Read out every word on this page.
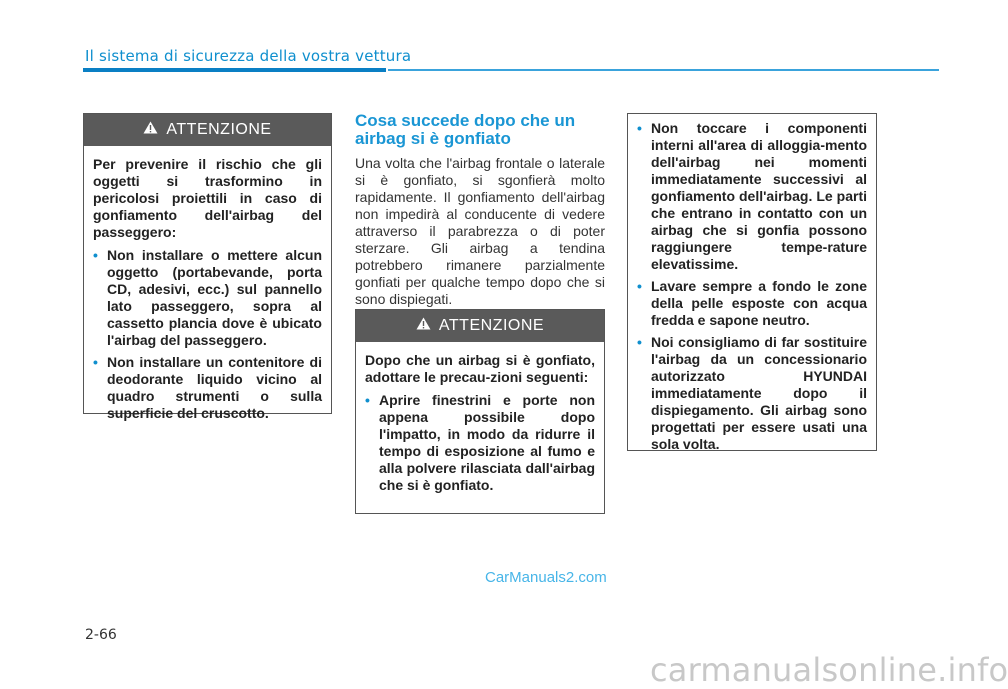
Il sistema di sicurezza della vostra vettura
ATTENZIONE

Per prevenire il rischio che gli oggetti si trasformino in pericolosi proiettili in caso di gonfiamento dell'airbag del passeggero:

• Non installare o mettere alcun oggetto (portabevande, porta CD, adesivi, ecc.) sul pannello lato passeggero, sopra al cassetto plancia dove è ubicato l'airbag del passeggero.
• Non installare un contenitore di deodorante liquido vicino al quadro strumenti o sulla superficie del cruscotto.
Cosa succede dopo che un airbag si è gonfiato
Una volta che l'airbag frontale o laterale si è gonfiato, si sgonfierà molto rapidamente. Il gonfiamento dell'airbag non impedirà al conducente di vedere attraverso il parabrezza o di poter sterzare. Gli airbag a tendina potrebbero rimanere parzialmente gonfiati per qualche tempo dopo che si sono dispiegati.
ATTENZIONE

Dopo che un airbag si è gonfiato, adottare le precau-zioni seguenti:

• Aprire finestrini e porte non appena possibile dopo l'impatto, in modo da ridurre il tempo di esposizione al fumo e alla polvere rilasciata dall'airbag che si è gonfiato.
• Non toccare i componenti interni all'area di alloggia-mento dell'airbag nei momenti immediatamente successivi al gonfiamento dell'airbag. Le parti che entrano in contatto con un airbag che si gonfia possono raggiungere tempe-rature elevatissime.
• Lavare sempre a fondo le zone della pelle esposte con acqua fredda e sapone neutro.
• Noi consigliamo di far sostituire l'airbag da un concessionario autorizzato HYUNDAI immediatamente dopo il dispiegamento. Gli airbag sono progettati per essere usati una sola volta.
CarManuals2.com
2-66
carmanualsonline.info
